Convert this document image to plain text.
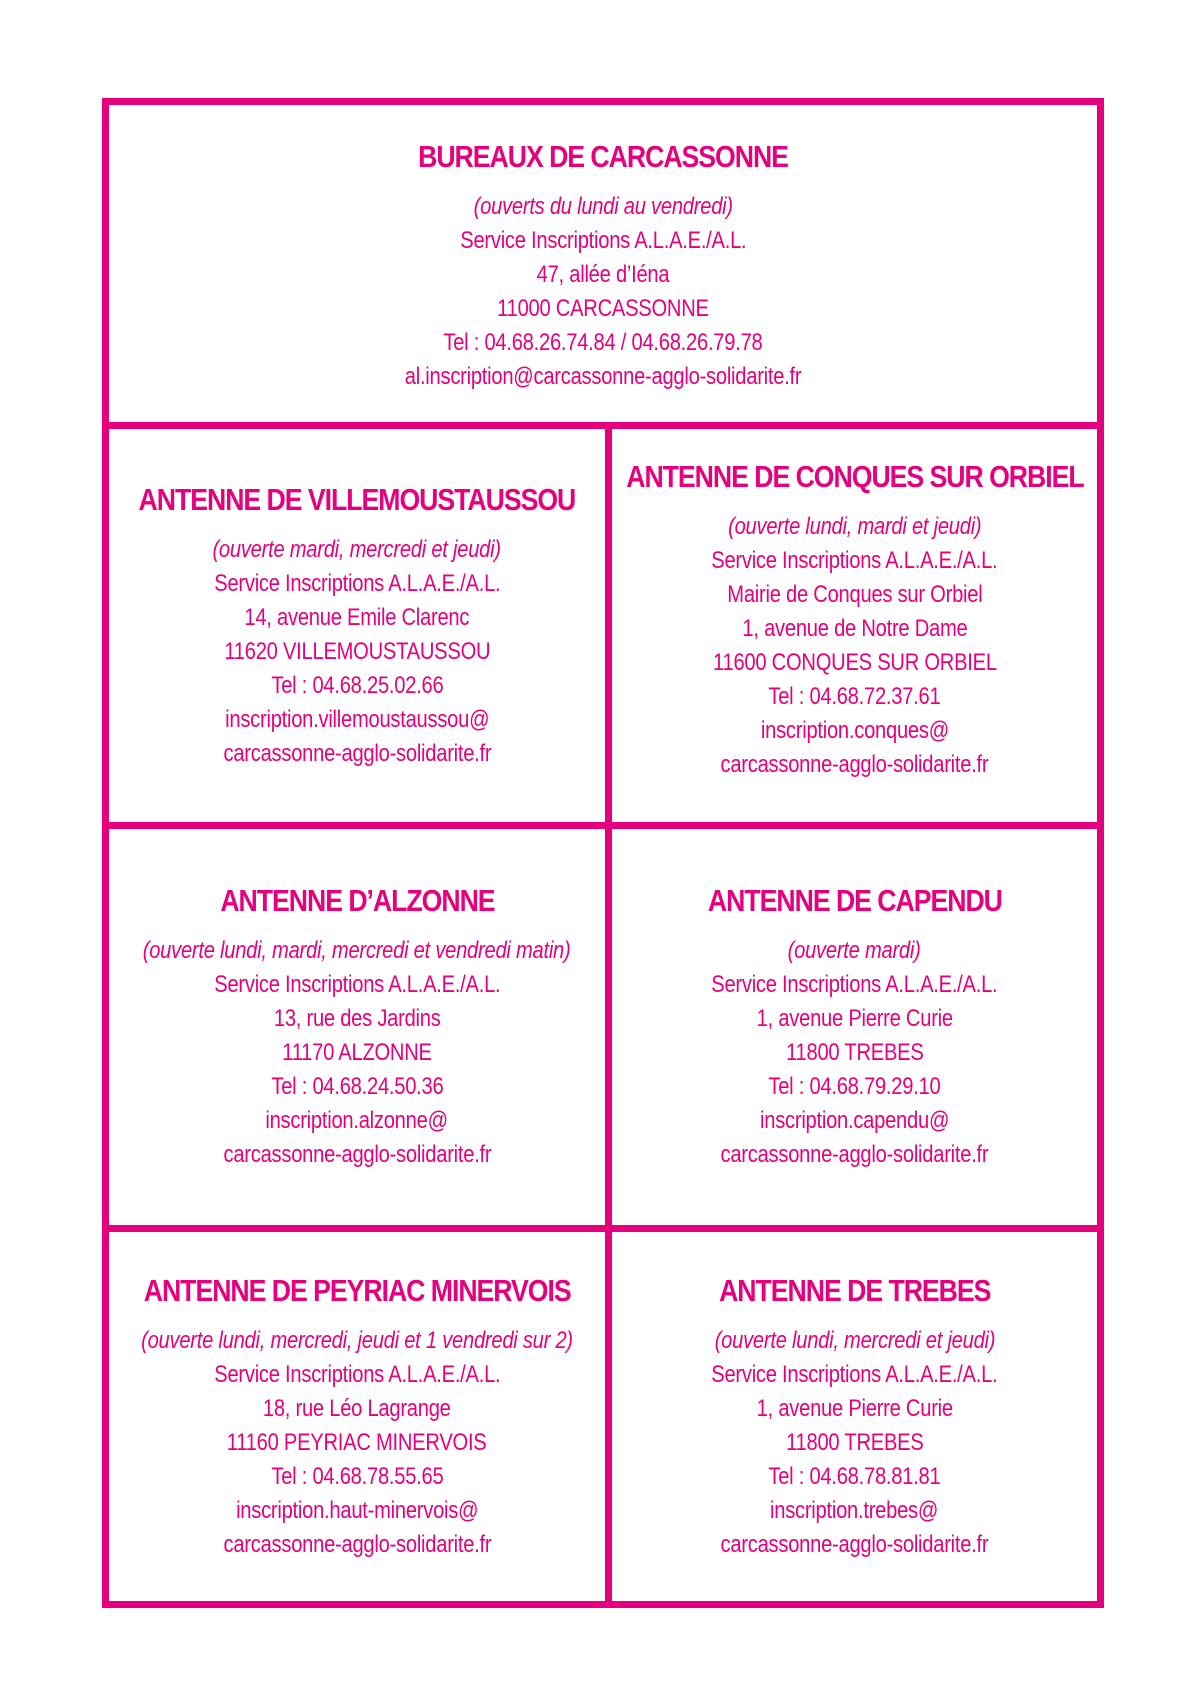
BUREAUX DE CARCASSONNE
(ouverts du lundi au vendredi)
Service Inscriptions A.L.A.E./A.L.
47, allée d’Iéna
11000 CARCASSONNE
Tel : 04.68.26.74.84 / 04.68.26.79.78
al.inscription@carcassonne-agglo-solidarite.fr
ANTENNE DE VILLEMOUSTAUSSOU
(ouverte mardi, mercredi et jeudi)
Service Inscriptions A.L.A.E./A.L.
14, avenue Emile Clarenc
11620 VILLEMOUSTAUSSOU
Tel : 04.68.25.02.66
inscription.villemoustaussou@
carcassonne-agglo-solidarite.fr
ANTENNE DE CONQUES SUR ORBIEL
(ouverte lundi, mardi et jeudi)
Service Inscriptions A.L.A.E./A.L.
Mairie de Conques sur Orbiel
1, avenue de Notre Dame
11600 CONQUES SUR ORBIEL
Tel : 04.68.72.37.61
inscription.conques@
carcassonne-agglo-solidarite.fr
ANTENNE D’ALZONNE
(ouverte lundi, mardi, mercredi et vendredi matin)
Service Inscriptions A.L.A.E./A.L.
13, rue des Jardins
11170 ALZONNE
Tel : 04.68.24.50.36
inscription.alzonne@
carcassonne-agglo-solidarite.fr
ANTENNE DE CAPENDU
(ouverte mardi)
Service Inscriptions A.L.A.E./A.L.
1, avenue Pierre Curie
11800 TREBES
Tel : 04.68.79.29.10
inscription.capendu@
carcassonne-agglo-solidarite.fr
ANTENNE DE PEYRIAC MINERVOIS
(ouverte lundi, mercredi, jeudi et 1 vendredi sur 2)
Service Inscriptions A.L.A.E./A.L.
18, rue Léo Lagrange
11160 PEYRIAC MINERVOIS
Tel : 04.68.78.55.65
inscription.haut-minervois@
carcassonne-agglo-solidarite.fr
ANTENNE DE TREBES
(ouverte lundi, mercredi et jeudi)
Service Inscriptions A.L.A.E./A.L.
1, avenue Pierre Curie
11800 TREBES
Tel : 04.68.78.81.81
inscription.trebes@
carcassonne-agglo-solidarite.fr
